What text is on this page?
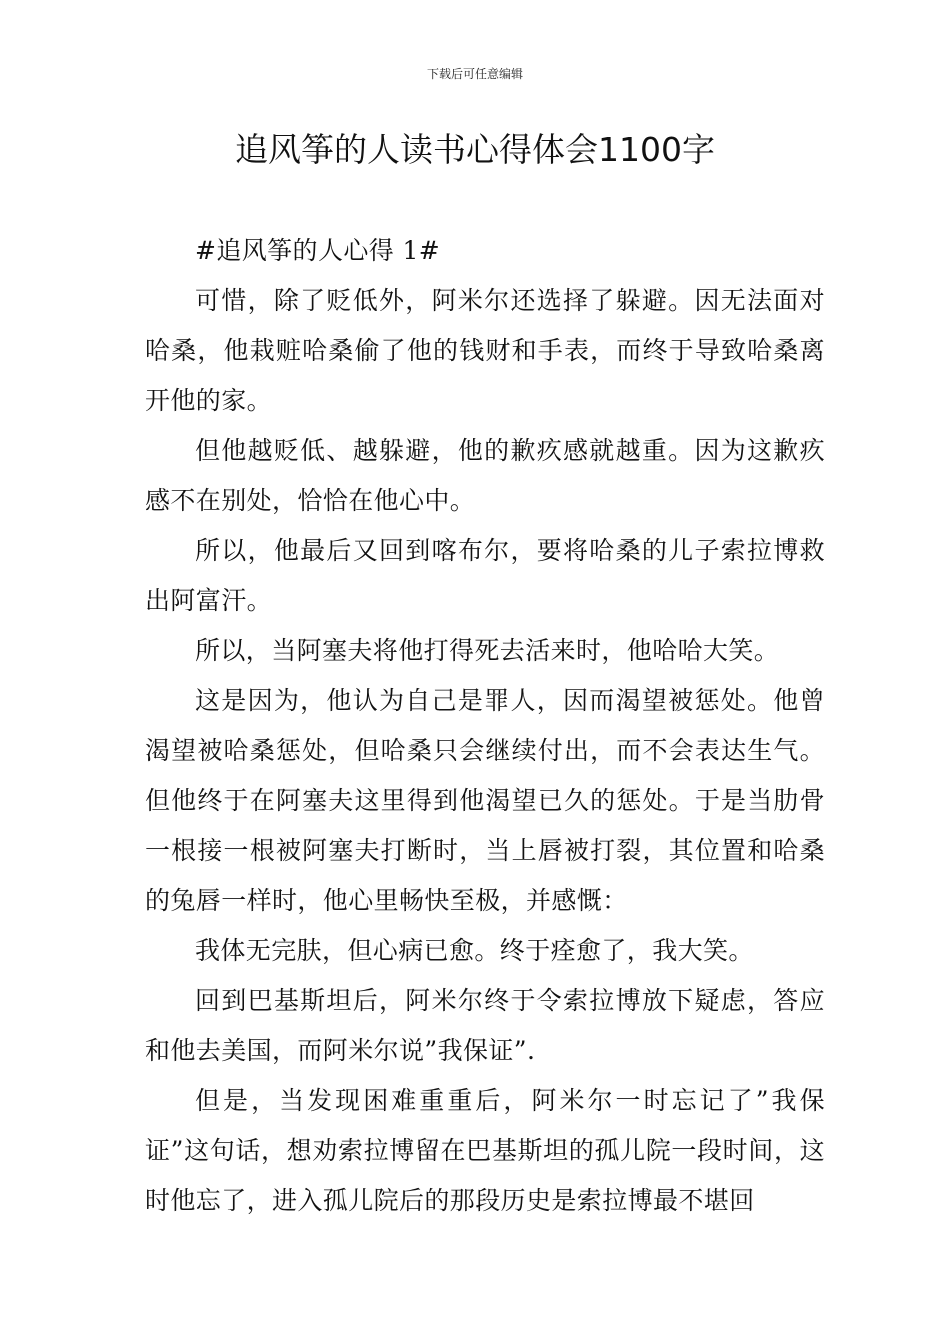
下载后可任意编辑
追风筝的人读书心得体会1100字

#追风筝的人心得 1#

可惜，除了贬低外，阿米尔还选择了躲避。因无法面对哈桑，他栽赃哈桑偷了他的钱财和手表，而终于导致哈桑离开他的家。

但他越贬低、越躲避，他的歉疚感就越重。因为这歉疚感不在别处，恰恰在他心中。

所以，他最后又回到喀布尔，要将哈桑的儿子索拉博救出阿富汗。

所以，当阿塞夫将他打得死去活来时，他哈哈大笑。

这是因为，他认为自己是罪人，因而渴望被惩处。他曾渴望被哈桑惩处，但哈桑只会继续付出，而不会表达生气。但他终于在阿塞夫这里得到他渴望已久的惩处。于是当肋骨一根接一根被阿塞夫打断时，当上唇被打裂，其位置和哈桑的兔唇一样时，他心里畅快至极，并感慨：

我体无完肤，但心病已愈。终于痊愈了，我大笑。

回到巴基斯坦后，阿米尔终于令索拉博放下疑虑，答应和他去美国，而阿米尔说”我保证”.

但是，当发现困难重重后，阿米尔一时忘记了”我保证”这句话，想劝索拉博留在巴基斯坦的孤儿院一段时间，这时他忘了，进入孤儿院后的那段历史是索拉博最不堪回
